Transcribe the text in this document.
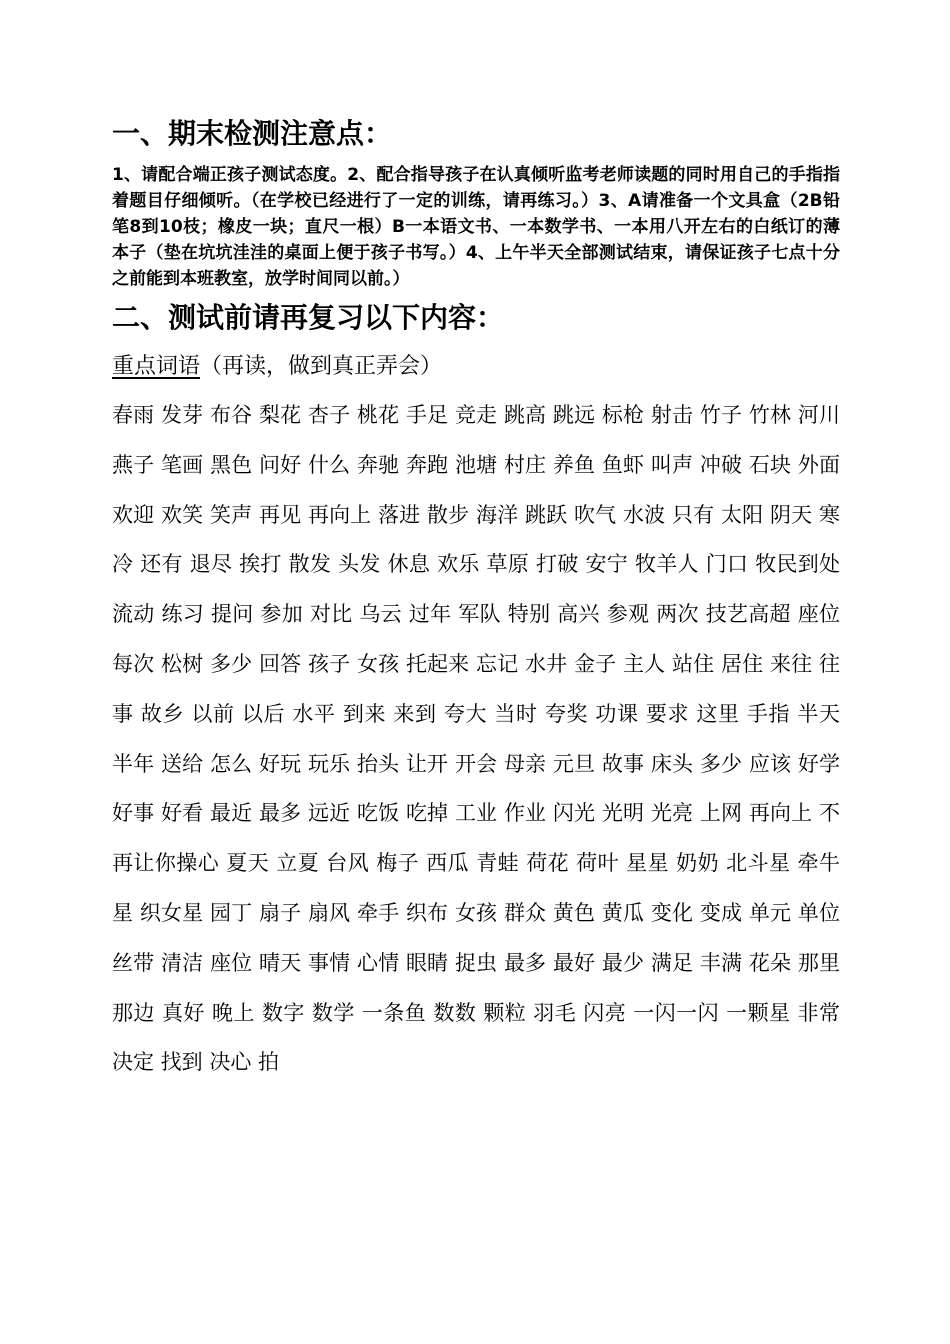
一、期末检测注意点：

1、请配合端正孩子测试态度。2、配合指导孩子在认真倾听监考老师读题的同时用自己的手指指着题目仔细倾听。（在学校已经进行了一定的训练，请再练习。）3、A请准备一个文具盒（2B铅笔8到10枝；橡皮一块；直尺一根）B一本语文书、一本数学书、一本用八开左右的白纸订的薄本子（垫在坑坑洼洼的桌面上便于孩子书写。）4、上午半天全部测试结束，请保证孩子七点十分之前能到本班教室，放学时间同以前。）

二、测试前请再复习以下内容：

重点词语（再读，做到真正弄会）

春雨 发芽 布谷 梨花 杏子 桃花 手足 竞走 跳高 跳远 标枪 射击 竹子 竹林 河川 燕子 笔画 黑色 问好 什么 奔驰 奔跑 池塘 村庄 养鱼 鱼虾 叫声 冲破 石块 外面 欢迎 欢笑 笑声 再见 再向上 落进 散步 海洋 跳跃 吹气 水波 只有 太阳 阴天 寒冷 还有 退尽 挨打 散发 头发 休息 欢乐 草原 打破 安宁 牧羊人 门口 牧民到处 流动 练习 提问 参加 对比 乌云 过年 军队 特别 高兴 参观 两次 技艺高超 座位 每次 松树 多少 回答 孩子 女孩 托起来 忘记 水井 金子 主人 站住 居住 来往 往事 故乡 以前 以后 水平 到来 来到 夸大 当时 夸奖 功课 要求 这里 手指 半天 半年 送给 怎么 好玩 玩乐 抬头 让开 开会 母亲 元旦 故事 床头 多少 应该 好学 好事 好看 最近 最多 远近 吃饭 吃掉 工业 作业 闪光 光明 光亮 上网 再向上 不再让你操心 夏天 立夏 台风 梅子 西瓜 青蛙 荷花 荷叶 星星 奶奶 北斗星 牵牛星 织女星 园丁 扇子 扇风 牵手 织布 女孩 群众 黄色 黄瓜 变化 变成 单元 单位 丝带 清洁 座位 晴天 事情 心情 眼睛 捉虫 最多 最好 最少 满足 丰满 花朵 那里 那边 真好 晚上 数字 数学 一条鱼 数数 颗粒 羽毛 闪亮 一闪一闪 一颗星 非常 决定 找到 决心 拍
